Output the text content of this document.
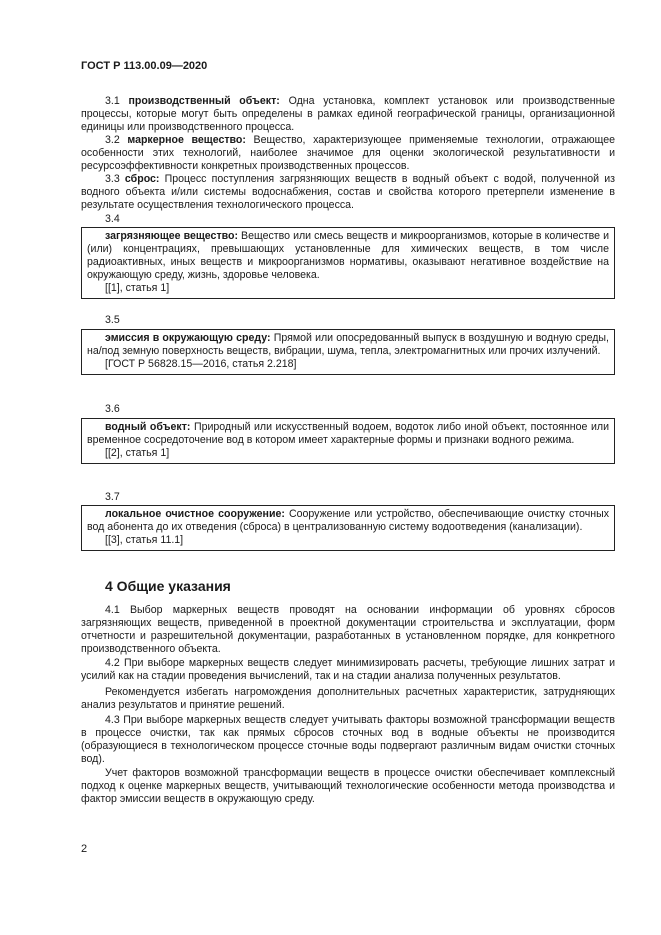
ГОСТ Р 113.00.09—2020
3.1 производственный объект: Одна установка, комплект установок или производственные процессы, которые могут быть определены в рамках единой географической границы, организационной единицы или производственного процесса.
3.2 маркерное вещество: Вещество, характеризующее применяемые технологии, отражающее особенности этих технологий, наиболее значимое для оценки экологической результативности и ресурсоэффективности конкретных производственных процессов.
3.3 сброс: Процесс поступления загрязняющих веществ в водный объект с водой, полученной из водного объекта и/или системы водоснабжения, состав и свойства которого претерпели изменение в результате осуществления технологического процесса.
3.4
загрязняющее вещество: Вещество или смесь веществ и микроорганизмов, которые в количестве и (или) концентрациях, превышающих установленные для химических веществ, в том числе радиоактивных, иных веществ и микроорганизмов нормативы, оказывают негативное воздействие на окружающую среду, жизнь, здоровье человека.
[[1], статья 1]
3.5
эмиссия в окружающую среду: Прямой или опосредованный выпуск в воздушную и водную среды, на/под земную поверхность веществ, вибрации, шума, тепла, электромагнитных или прочих излучений.
[ГОСТ Р 56828.15—2016, статья 2.218]
3.6
водный объект: Природный или искусственный водоем, водоток либо иной объект, постоянное или временное сосредоточение вод в котором имеет характерные формы и признаки водного режима.
[[2], статья 1]
3.7
локальное очистное сооружение: Сооружение или устройство, обеспечивающие очистку сточных вод абонента до их отведения (сброса) в централизованную систему водоотведения (канализации).
[[3], статья 11.1]
4 Общие указания
4.1 Выбор маркерных веществ проводят на основании информации об уровнях сбросов загрязняющих веществ, приведенной в проектной документации строительства и эксплуатации, форм отчетности и разрешительной документации, разработанных в установленном порядке, для конкретного производственного объекта.
4.2 При выборе маркерных веществ следует минимизировать расчеты, требующие лишних затрат и усилий как на стадии проведения вычислений, так и на стадии анализа полученных результатов.
Рекомендуется избегать нагромождения дополнительных расчетных характеристик, затрудняющих анализ результатов и принятие решений.
4.3 При выборе маркерных веществ следует учитывать факторы возможной трансформации веществ в процессе очистки, так как прямых сбросов сточных вод в водные объекты не производится (образующиеся в технологическом процессе сточные воды подвергают различным видам очистки сточных вод).
Учет факторов возможной трансформации веществ в процессе очистки обеспечивает комплексный подход к оценке маркерных веществ, учитывающий технологические особенности метода производства и фактор эмиссии веществ в окружающую среду.
2
